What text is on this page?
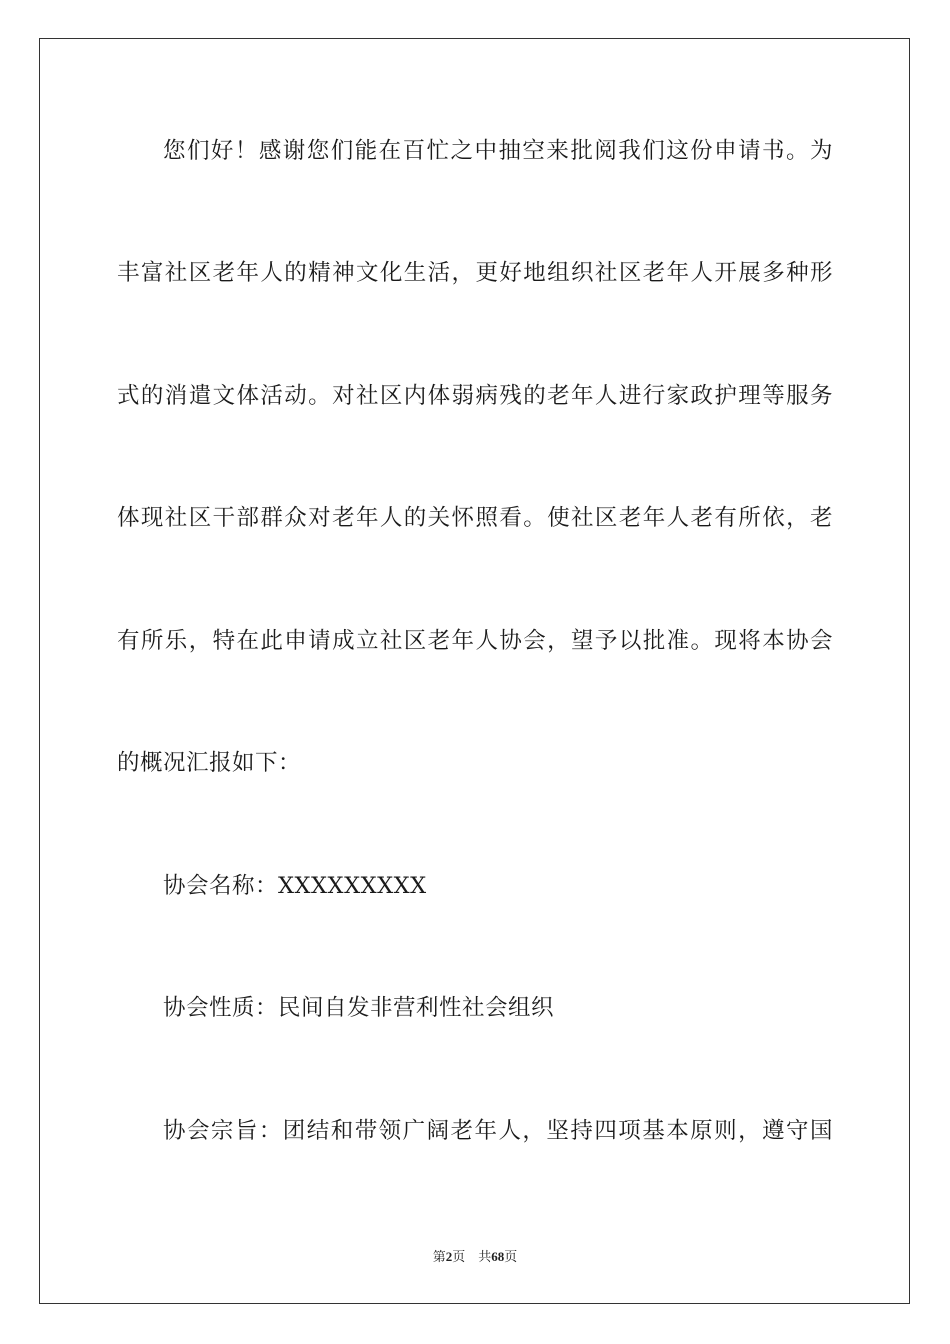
您们好！感谢您们能在百忙之中抽空来批阅我们这份申请书。为
丰富社区老年人的精神文化生活，更好地组织社区老年人开展多种形
式的消遣文体活动。对社区内体弱病残的老年人进行家政护理等服务
体现社区干部群众对老年人的关怀照看。使社区老年人老有所依，老
有所乐，特在此申请成立社区老年人协会，望予以批准。现将本协会
的概况汇报如下：
协会名称：XXXXXXXXX
协会性质：民间自发非营利性社会组织
协会宗旨：团结和带领广阔老年人，坚持四项基本原则，遵守国
第2页 共68页
